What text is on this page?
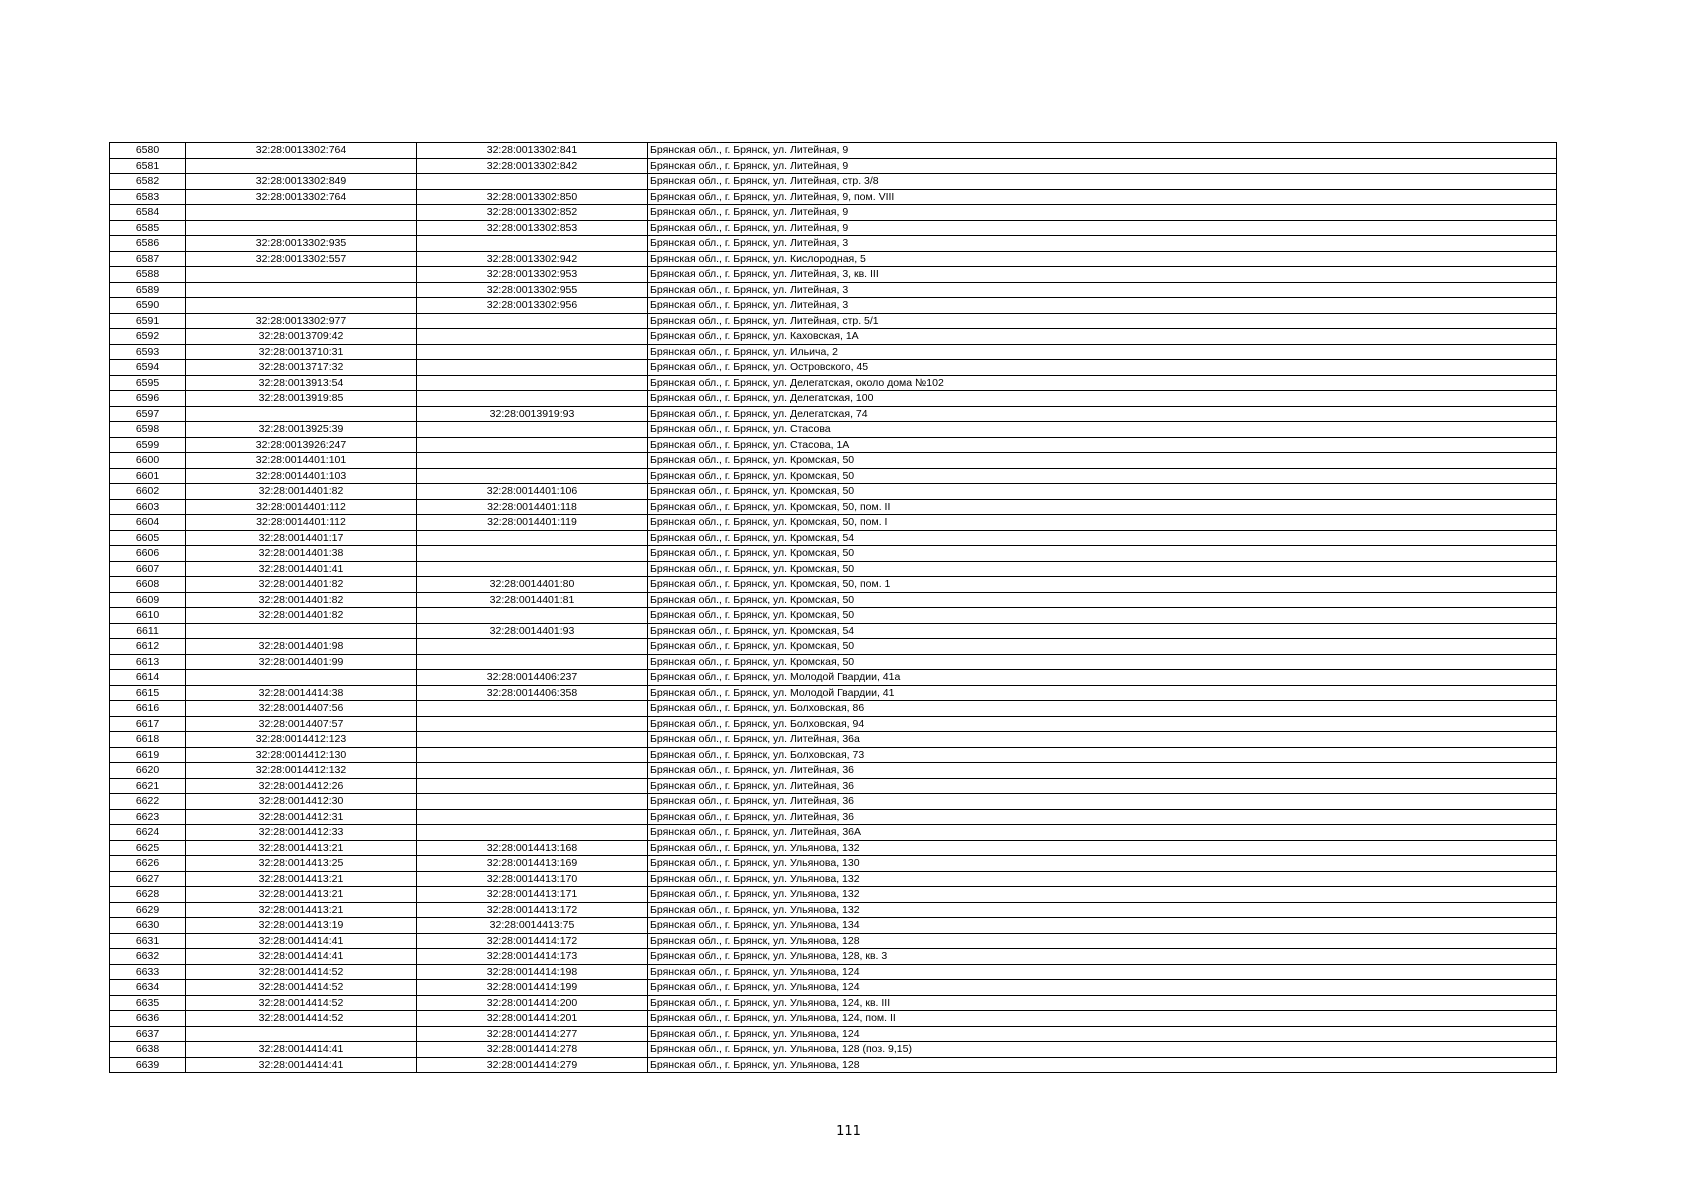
6580	32:28:0013302:764	32:28:0013302:841	Брянская обл., г. Брянск, ул. Литейная, 9
6581		32:28:0013302:842	Брянская обл., г. Брянск, ул. Литейная, 9
6582	32:28:0013302:849		Брянская обл., г. Брянск, ул. Литейная, стр. 3/8
6583	32:28:0013302:764	32:28:0013302:850	Брянская обл., г. Брянск, ул. Литейная, 9, пом. VIII
6584		32:28:0013302:852	Брянская обл., г. Брянск, ул. Литейная, 9
6585		32:28:0013302:853	Брянская обл., г. Брянск, ул. Литейная, 9
6586	32:28:0013302:935		Брянская обл., г. Брянск, ул. Литейная, 3
6587	32:28:0013302:557	32:28:0013302:942	Брянская обл., г. Брянск, ул. Кислородная, 5
6588		32:28:0013302:953	Брянская обл., г. Брянск, ул. Литейная, 3, кв. III
6589		32:28:0013302:955	Брянская обл., г. Брянск, ул. Литейная, 3
6590		32:28:0013302:956	Брянская обл., г. Брянск, ул. Литейная, 3
6591	32:28:0013302:977		Брянская обл., г. Брянск, ул. Литейная, стр. 5/1
6592	32:28:0013709:42		Брянская обл., г. Брянск, ул. Каховская, 1А
6593	32:28:0013710:31		Брянская обл., г. Брянск, ул. Ильича, 2
6594	32:28:0013717:32		Брянская обл., г. Брянск, ул. Островского, 45
6595	32:28:0013913:54		Брянская обл., г. Брянск, ул. Делегатская, около дома №102
6596	32:28:0013919:85		Брянская обл., г. Брянск, ул. Делегатская, 100
6597		32:28:0013919:93	Брянская обл., г. Брянск, ул. Делегатская, 74
6598	32:28:0013925:39		Брянская обл., г. Брянск, ул. Стасова
6599	32:28:0013926:247		Брянская обл., г. Брянск, ул. Стасова, 1А
6600	32:28:0014401:101		Брянская обл., г. Брянск, ул. Кромская, 50
6601	32:28:0014401:103		Брянская обл., г. Брянск, ул. Кромская, 50
6602	32:28:0014401:82	32:28:0014401:106	Брянская обл., г. Брянск, ул. Кромская, 50
6603	32:28:0014401:112	32:28:0014401:118	Брянская обл., г. Брянск, ул. Кромская, 50, пом. II
6604	32:28:0014401:112	32:28:0014401:119	Брянская обл., г. Брянск, ул. Кромская, 50, пом. I
6605	32:28:0014401:17		Брянская обл., г. Брянск, ул. Кромская, 54
6606	32:28:0014401:38		Брянская обл., г. Брянск, ул. Кромская, 50
6607	32:28:0014401:41		Брянская обл., г. Брянск, ул. Кромская, 50
6608	32:28:0014401:82	32:28:0014401:80	Брянская обл., г. Брянск, ул. Кромская, 50, пом. 1
6609	32:28:0014401:82	32:28:0014401:81	Брянская обл., г. Брянск, ул. Кромская, 50
6610	32:28:0014401:82		Брянская обл., г. Брянск, ул. Кромская, 50
6611		32:28:0014401:93	Брянская обл., г. Брянск, ул. Кромская, 54
6612	32:28:0014401:98		Брянская обл., г. Брянск, ул. Кромская, 50
6613	32:28:0014401:99		Брянская обл., г. Брянск, ул. Кромская, 50
6614		32:28:0014406:237	Брянская обл., г. Брянск, ул. Молодой Гвардии, 41а
6615	32:28:0014414:38	32:28:0014406:358	Брянская обл., г. Брянск, ул. Молодой Гвардии, 41
6616	32:28:0014407:56		Брянская обл., г. Брянск, ул. Болховская, 86
6617	32:28:0014407:57		Брянская обл., г. Брянск, ул. Болховская, 94
6618	32:28:0014412:123		Брянская обл., г. Брянск, ул. Литейная, 36а
6619	32:28:0014412:130		Брянская обл., г. Брянск, ул. Болховская, 73
6620	32:28:0014412:132		Брянская обл., г. Брянск, ул. Литейная, 36
6621	32:28:0014412:26		Брянская обл., г. Брянск, ул. Литейная, 36
6622	32:28:0014412:30		Брянская обл., г. Брянск, ул. Литейная, 36
6623	32:28:0014412:31		Брянская обл., г. Брянск, ул. Литейная, 36
6624	32:28:0014412:33		Брянская обл., г. Брянск, ул. Литейная, 36А
6625	32:28:0014413:21	32:28:0014413:168	Брянская обл., г. Брянск, ул. Ульянова, 132
6626	32:28:0014413:25	32:28:0014413:169	Брянская обл., г. Брянск, ул. Ульянова, 130
6627	32:28:0014413:21	32:28:0014413:170	Брянская обл., г. Брянск, ул. Ульянова, 132
6628	32:28:0014413:21	32:28:0014413:171	Брянская обл., г. Брянск, ул. Ульянова, 132
6629	32:28:0014413:21	32:28:0014413:172	Брянская обл., г. Брянск, ул. Ульянова, 132
6630	32:28:0014413:19	32:28:0014413:75	Брянская обл., г. Брянск, ул. Ульянова, 134
6631	32:28:0014414:41	32:28:0014414:172	Брянская обл., г. Брянск, ул. Ульянова, 128
6632	32:28:0014414:41	32:28:0014414:173	Брянская обл., г. Брянск, ул. Ульянова, 128, кв. 3
6633	32:28:0014414:52	32:28:0014414:198	Брянская обл., г. Брянск, ул. Ульянова, 124
6634	32:28:0014414:52	32:28:0014414:199	Брянская обл., г. Брянск, ул. Ульянова, 124
6635	32:28:0014414:52	32:28:0014414:200	Брянская обл., г. Брянск, ул. Ульянова, 124, кв. III
6636	32:28:0014414:52	32:28:0014414:201	Брянская обл., г. Брянск, ул. Ульянова, 124, пом. II
6637		32:28:0014414:277	Брянская обл., г. Брянск, ул. Ульянова, 124
6638	32:28:0014414:41	32:28:0014414:278	Брянская обл., г. Брянск, ул. Ульянова, 128 (поз. 9,15)
6639	32:28:0014414:41	32:28:0014414:279	Брянская обл., г. Брянск, ул. Ульянова, 128
111
